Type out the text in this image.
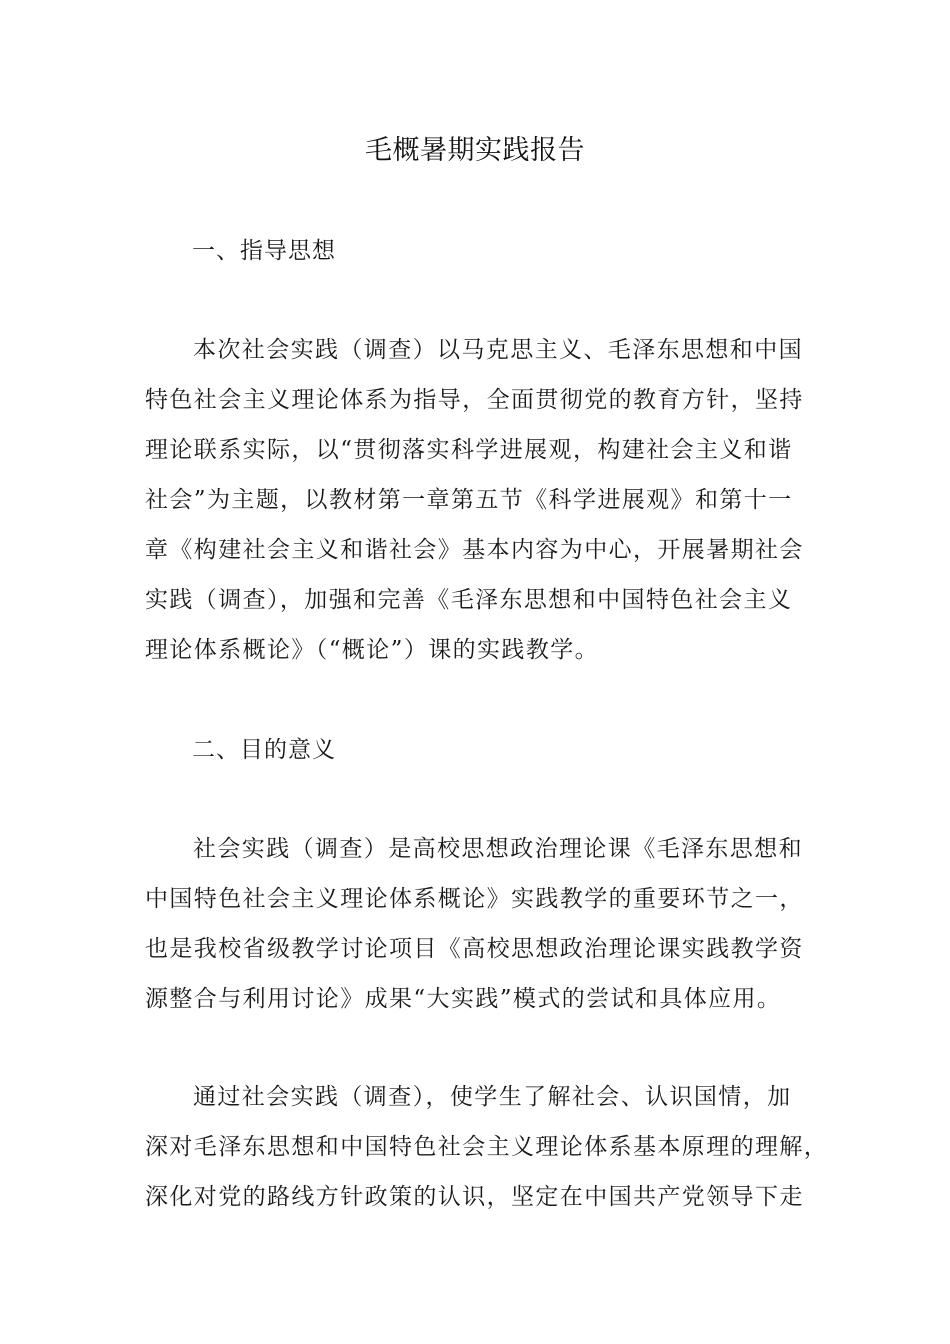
毛概暑期实践报告
一、指导思想
本次社会实践（调查）以马克思主义、毛泽东思想和中国
特色社会主义理论体系为指导，全面贯彻党的教育方针，坚持
理论联系实际，以“贯彻落实科学进展观，构建社会主义和谐
社会”为主题，以教材第一章第五节《科学进展观》和第十一
章《构建社会主义和谐社会》基本内容为中心，开展暑期社会
实践（调查），加强和完善《毛泽东思想和中国特色社会主义
理论体系概论》（“概论”）课的实践教学。
二、目的意义
社会实践（调查）是高校思想政治理论课《毛泽东思想和
中国特色社会主义理论体系概论》实践教学的重要环节之一，
也是我校省级教学讨论项目《高校思想政治理论课实践教学资
源整合与利用讨论》成果“大实践”模式的尝试和具体应用。
通过社会实践（调查），使学生了解社会、认识国情，加
深对毛泽东思想和中国特色社会主义理论体系基本原理的理解，
深化对党的路线方针政策的认识，坚定在中国共产党领导下走
